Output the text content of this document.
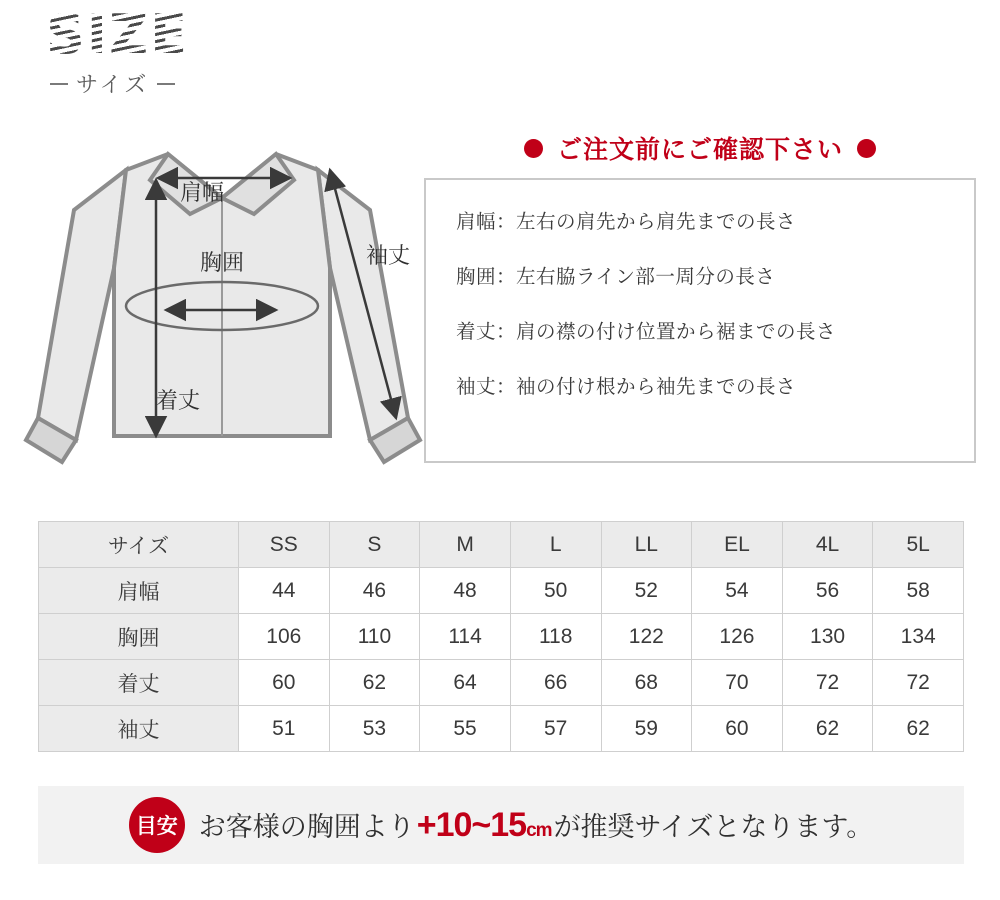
SIZE
サイズ
肩幅
胸囲
着丈
袖丈
ご注文前にご確認下さい
肩幅：左右の肩先から肩先までの長さ
胸囲：左右脇ライン部一周分の長さ
着丈：肩の襟の付け位置から裾までの長さ
袖丈：袖の付け根から袖先までの長さ
サイズ	SS	S	M	L	LL	EL	4L	5L
肩幅	44	46	48	50	52	54	56	58
胸囲	106	110	114	118	122	126	130	134
着丈	60	62	64	66	68	70	72	72
袖丈	51	53	55	57	59	60	62	62
目安 お客様の胸囲より +10~15cm が推奨サイズとなります。
